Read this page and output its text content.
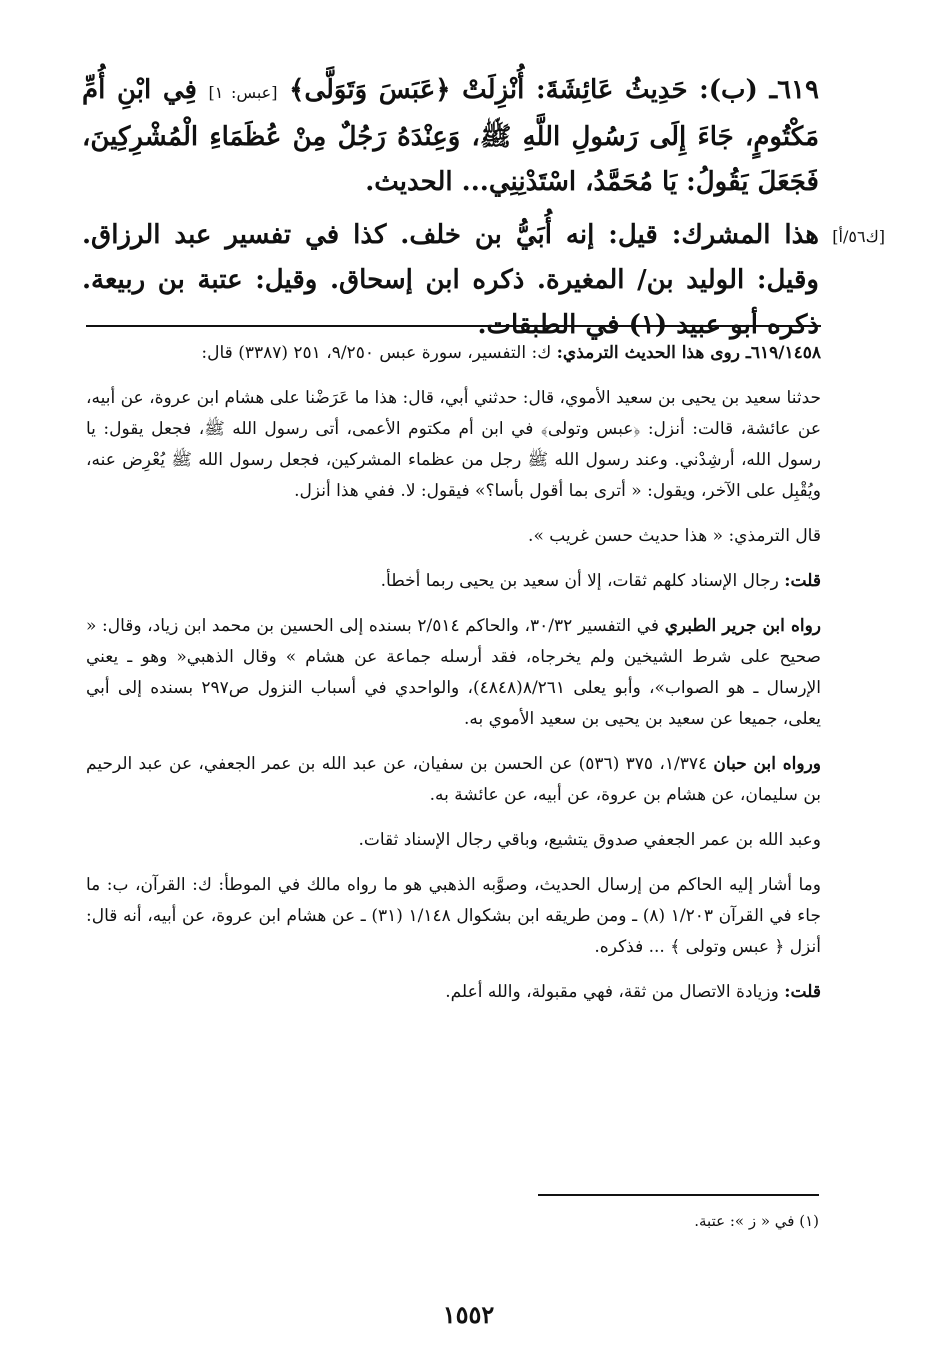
٦١٩ـ (ب): حَدِيثُ عَائِشَةَ: أُنْزِلَتْ ﴿عَبَسَ وَتَوَلَّى﴾ [عبس: ١] فِي ابْنِ أُمِّ مَكْتُومٍ، جَاءَ إِلَى رَسُولِ اللَّهِ ﷺ، وَعِنْدَهُ رَجُلٌ مِنْ عُظَمَاءِ الْمُشْرِكِينَ، فَجَعَلَ يَقُولُ: يَا مُحَمَّدُ، اسْتَدْنِنِي... الحديث.
[ك٥٦/أ]
هذا المشرك: قيل: إنه أُبَيُّ بن خلف. كذا في تفسير عبد الرزاق. وقيل: الوليد بن/ المغيرة. ذكره ابن إسحاق. وقيل: عتبة بن ربيعة. ذكره أبو عبيد (١) في الطبقات.

٦١٩/١٤٥٨ـ روى هذا الحديث الترمذي: ك: التفسير، سورة عبس ٩/٢٥٠، ٢٥١ (٣٣٨٧) قال:

حدثنا سعيد بن يحيى بن سعيد الأموي، قال: حدثني أبي، قال: هذا ما عَرَضْنا على هشام ابن عروة، عن أبيه، عن عائشة، قالت: أنزل: ﴿عبس وتولى﴾ في ابن أم مكتوم الأعمى، أتى رسول الله ﷺ، فجعل يقول: يا رسول الله، أرشِدْني. وعند رسول الله ﷺ رجل من عظماء المشركين، فجعل رسول الله ﷺ يُعْرِض عنه، ويُقْبِل على الآخر، ويقول: « أترى بما أقول بأسا؟» فيقول: لا. ففي هذا أنزل.

قال الترمذي: « هذا حديث حسن غريب ».

قلت: رجال الإسناد كلهم ثقات، إلا أن سعيد بن يحيى ربما أخطأ.

رواه ابن جرير الطبري في التفسير ٣٠/٣٢، والحاكم ٢/٥١٤ بسنده إلى الحسين بن محمد ابن زياد، وقال: « صحيح على شرط الشيخين ولم يخرجاه، فقد أرسله جماعة عن هشام » وقال الذهبي« وهو ـ يعني الإرسال ـ هو الصواب»، وأبو يعلى ٨/٢٦١(٤٨٤٨)، والواحدي في أسباب النزول ص٢٩٧ بسنده إلى أبي يعلى، جميعا عن سعيد بن يحيى بن سعيد الأموي به.

ورواه ابن حبان ١/٣٧٤، ٣٧٥ (٥٣٦) عن الحسن بن سفيان، عن عبد الله بن عمر الجعفي، عن عبد الرحيم بن سليمان، عن هشام بن عروة، عن أبيه، عن عائشة به.

وعبد الله بن عمر الجعفي صدوق يتشيع، وباقي رجال الإسناد ثقات.

وما أشار إليه الحاكم من إرسال الحديث، وصوَّبه الذهبي هو ما رواه مالك في الموطأ: ك: القرآن، ب: ما جاء في القرآن ١/٢٠٣ (٨) ـ ومن طريقه ابن بشكوال ١/١٤٨ (٣١) ـ عن هشام ابن عروة، عن أبيه، أنه قال: أنزل ﴿ عبس وتولى ﴾ ... فذكره.

قلت: وزيادة الاتصال من ثقة، فهي مقبولة، والله أعلم.

(١) في « ز »: عتبة.
١٥٥٢
